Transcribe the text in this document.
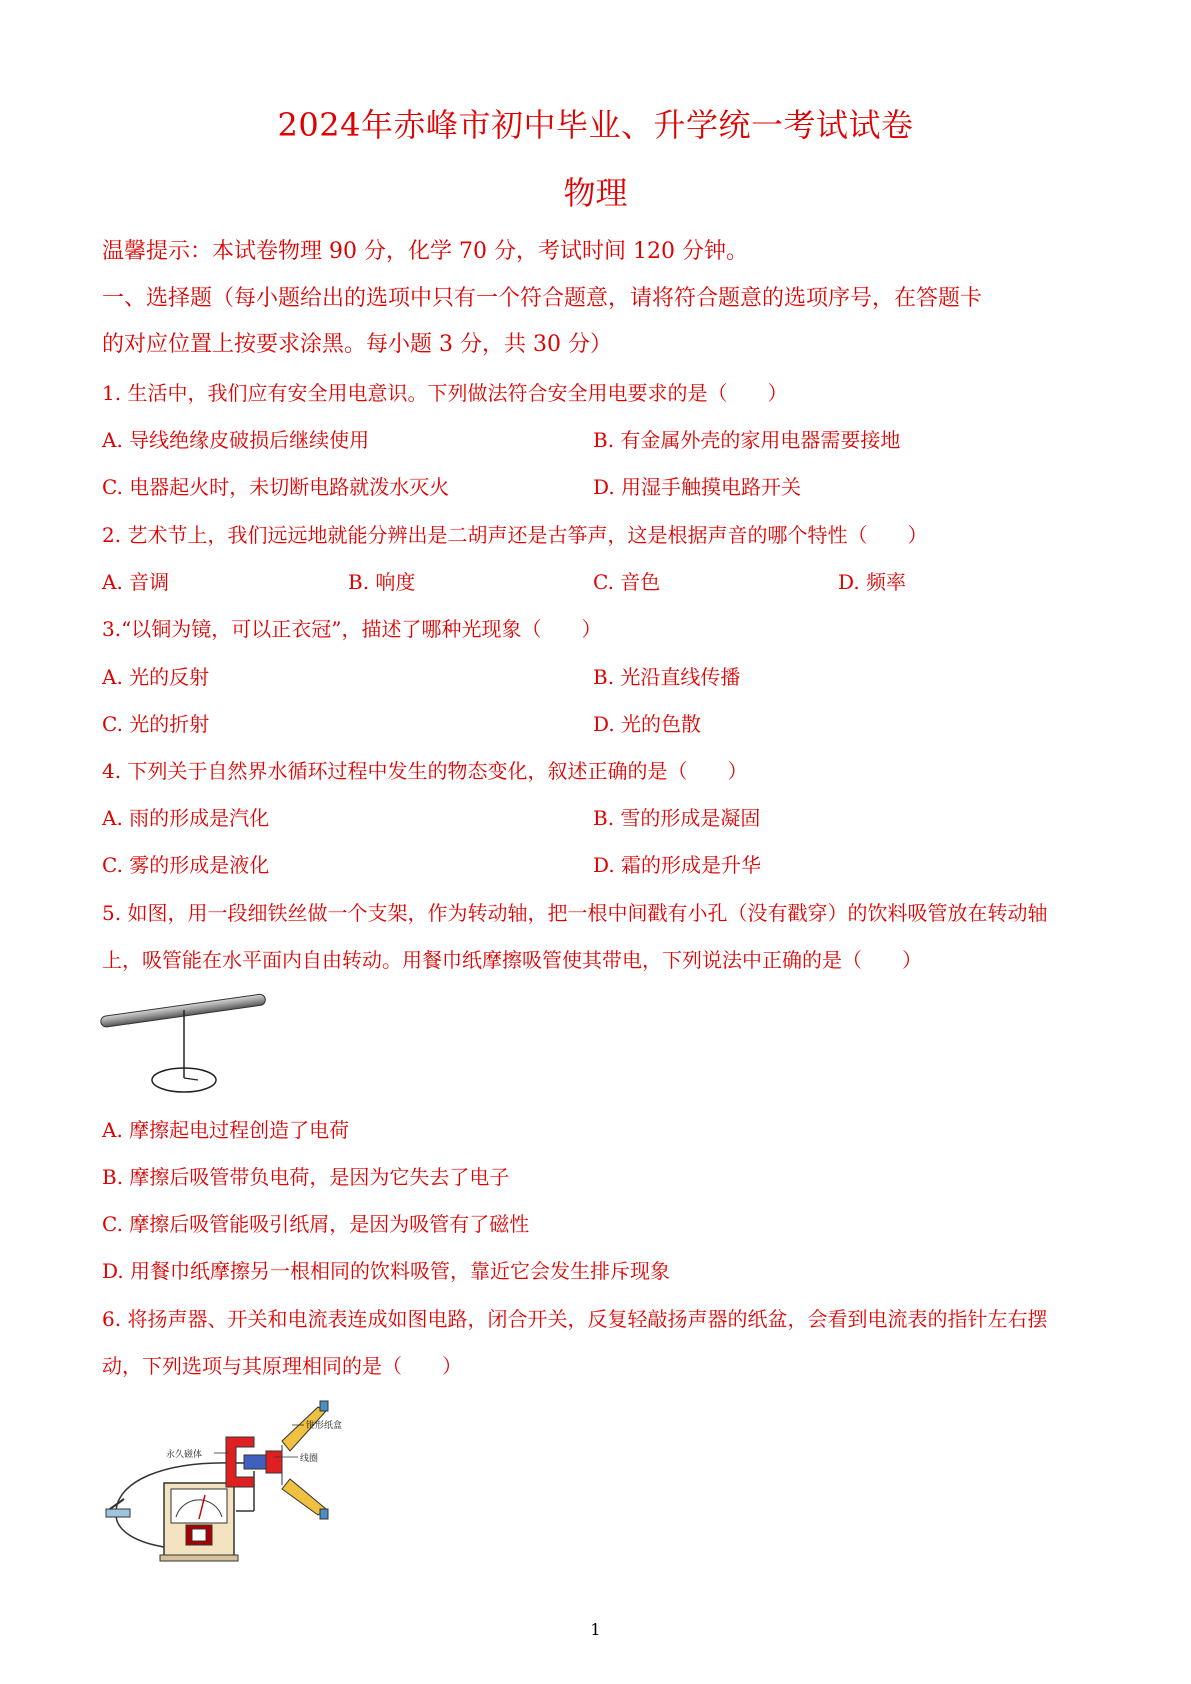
2024年赤峰市初中毕业、升学统一考试试卷
物理
温馨提示：本试卷物理 90 分，化学 70 分，考试时间 120 分钟。
一、选择题（每小题给出的选项中只有一个符合题意，请将符合题意的选项序号，在答题卡
的对应位置上按要求涂黑。每小题 3 分，共 30 分）
1. 生活中，我们应有安全用电意识。下列做法符合安全用电要求的是（　　）
A. 导线绝缘皮破损后继续使用	B. 有金属外壳的家用电器需要接地
C. 电器起火时，未切断电路就泼水灭火	D. 用湿手触摸电路开关
2. 艺术节上，我们远远地就能分辨出是二胡声还是古筝声，这是根据声音的哪个特性（　　）
A. 音调	B. 响度	C. 音色	D. 频率
3.“以铜为镜，可以正衣冠”，描述了哪种光现象（　　）
A. 光的反射	B. 光沿直线传播
C. 光的折射	D. 光的色散
4. 下列关于自然界水循环过程中发生的物态变化，叙述正确的是（　　）
A. 雨的形成是汽化	B. 雪的形成是凝固
C. 雾的形成是液化	D. 霜的形成是升华
5. 如图，用一段细铁丝做一个支架，作为转动轴，把一根中间戳有小孔（没有戳穿）的饮料吸管放在转动轴
上，吸管能在水平面内自由转动。用餐巾纸摩擦吸管使其带电，下列说法中正确的是（　　）
A. 摩擦起电过程创造了电荷
B. 摩擦后吸管带负电荷，是因为它失去了电子
C. 摩擦后吸管能吸引纸屑，是因为吸管有了磁性
D. 用餐巾纸摩擦另一根相同的饮料吸管，靠近它会发生排斥现象
6. 将扬声器、开关和电流表连成如图电路，闭合开关，反复轻敲扬声器的纸盆，会看到电流表的指针左右摆
动，下列选项与其原理相同的是（　　）
永久磁体
锥形纸盒
线圈
1
